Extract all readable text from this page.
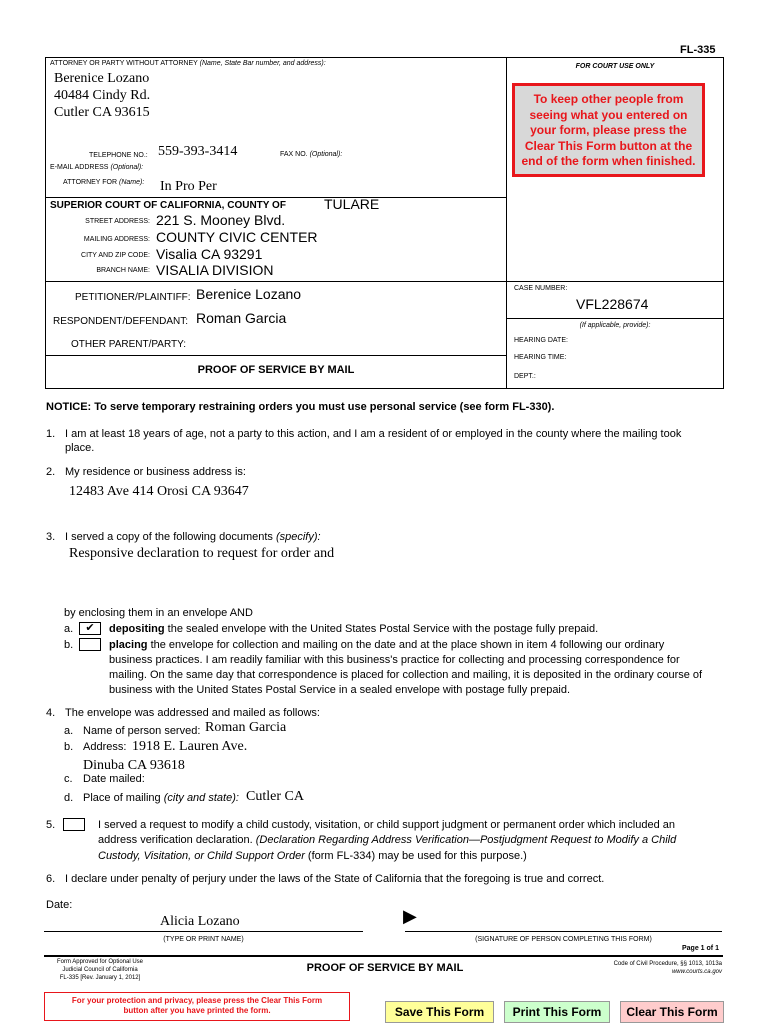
FL-335
ATTORNEY OR PARTY WITHOUT ATTORNEY (Name, State Bar number, and address):
Berenice Lozano
40484 Cindy Rd.
Cutler CA 93615
TELEPHONE NO.: 559-393-3414	FAX NO. (Optional):
E-MAIL ADDRESS (Optional):
ATTORNEY FOR (Name): In Pro Per
FOR COURT USE ONLY
To keep other people from seeing what you entered on your form, please press the Clear This Form button at the end of the form when finished.
SUPERIOR COURT OF CALIFORNIA, COUNTY OF	TULARE
STREET ADDRESS: 221 S. Mooney Blvd.
MAILING ADDRESS: COUNTY CIVIC CENTER
CITY AND ZIP CODE: Visalia CA 93291
BRANCH NAME: VISALIA DIVISION
PETITIONER/PLAINTIFF: Berenice Lozano
RESPONDENT/DEFENDANT: Roman Garcia
OTHER PARENT/PARTY:
PROOF OF SERVICE BY MAIL
CASE NUMBER:
VFL228674
(If applicable, provide):
HEARING DATE:
HEARING TIME:
DEPT.:
NOTICE: To serve temporary restraining orders you must use personal service (see form FL-330).
1. I am at least 18 years of age, not a party to this action, and I am a resident of or employed in the county where the mailing took
place.
2. My residence or business address is:
12483 Ave 414 Orosi CA 93647
3. I served a copy of the following documents (specify):
Responsive declaration to request for order and
by enclosing them in an envelope AND
a.	✔	depositing the sealed envelope with the United States Postal Service with the postage fully prepaid.
b.	placing the envelope for collection and mailing on the date and at the place shown in item 4 following our ordinary
business practices. I am readily familiar with this business's practice for collecting and processing correspondence for
mailing. On the same day that correspondence is placed for collection and mailing, it is deposited in the ordinary course of
business with the United States Postal Service in a sealed envelope with postage fully prepaid.
4. The envelope was addressed and mailed as follows:
a. Name of person served: Roman Garcia
b. Address: 1918 E. Lauren Ave.
Dinuba CA 93618
c. Date mailed:
d. Place of mailing (city and state): Cutler CA
5.	I served a request to modify a child custody, visitation, or child support judgment or permanent order which included an
address verification declaration. (Declaration Regarding Address Verification—Postjudgment Request to Modify a Child
Custody, Visitation, or Child Support Order (form FL-334) may be used for this purpose.)
6. I declare under penalty of perjury under the laws of the State of California that the foregoing is true and correct.
Date:
Alicia Lozano
(TYPE OR PRINT NAME)
▶
(SIGNATURE OF PERSON COMPLETING THIS FORM)
Page 1 of 1
Form Approved for Optional Use
Judicial Council of California
FL-335 [Rev. January 1, 2012]
PROOF OF SERVICE BY MAIL	Code of Civil Procedure, §§ 1013, 1013a
www.courts.ca.gov
For your protection and privacy, please press the Clear This Form button after you have printed the form.	Save This Form	Print This Form	Clear This Form
